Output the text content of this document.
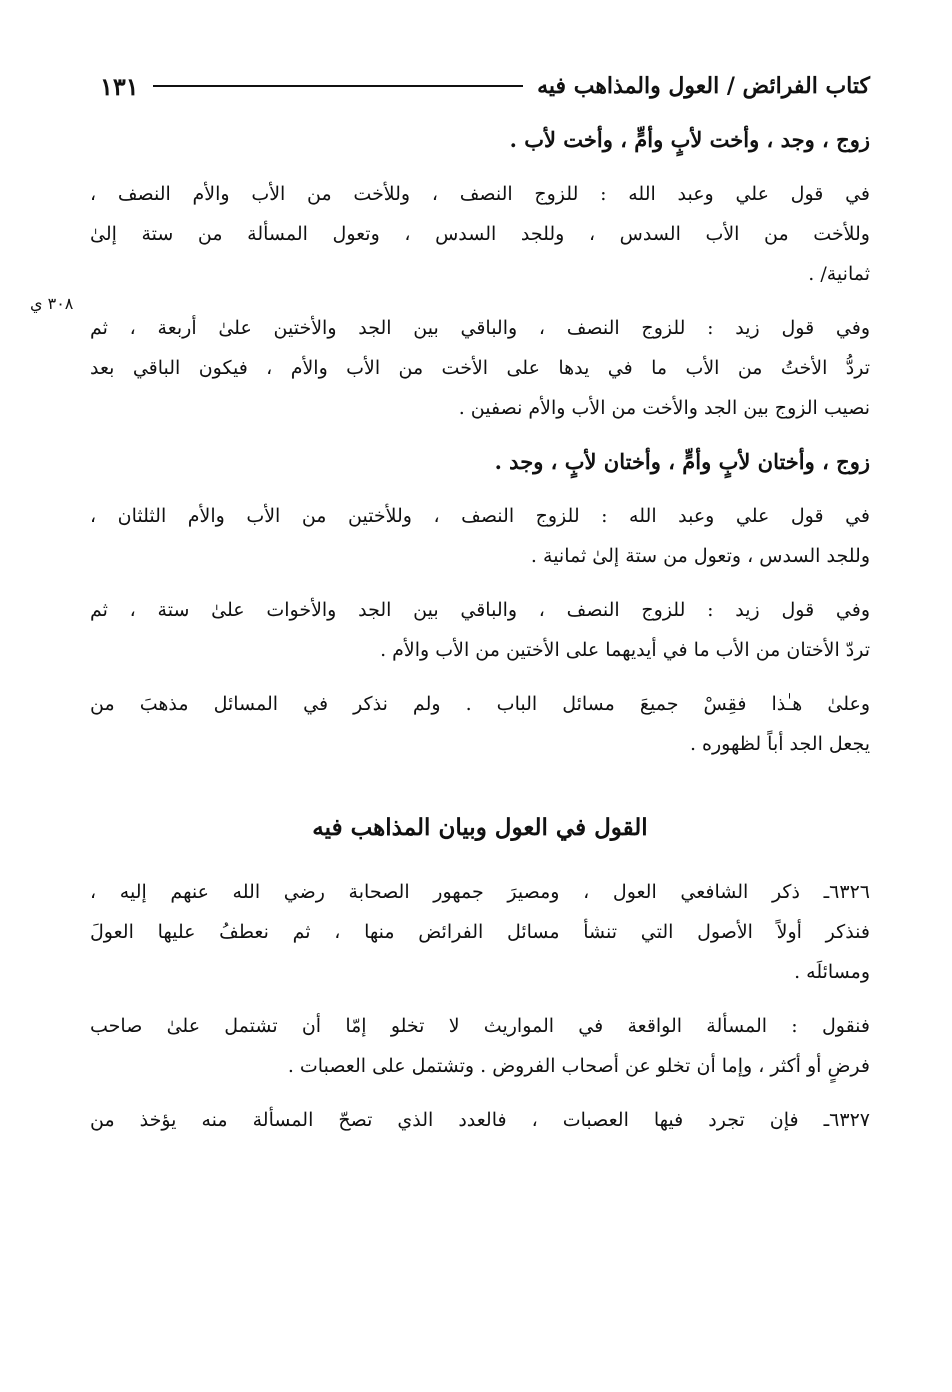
كتاب الفرائض / العول والمذاهب فيه
١٣١
٣٠٨ ي
زوج ، وجد ، وأخت لأبٍ وأمٍّ ، وأخت لأب .
في قول علي وعبد الله : للزوج النصف ، وللأخت من الأب والأم النصف ،
وللأخت من الأب السدس ، وللجد السدس ، وتعول المسألة من ستة إلىٰ
ثمانية/ .
وفي قول زيد : للزوج النصف ، والباقي بين الجد والأختين علىٰ أربعة ، ثم
تردُّ الأختُ من الأب ما في يدها على الأخت من الأب والأم ، فيكون الباقي بعد
نصيب الزوج بين الجد والأخت من الأب والأم نصفين .
زوج ، وأختان لأبٍ وأمٍّ ، وأختان لأبٍ ، وجد .
في قول علي وعبد الله : للزوج النصف ، وللأختين من الأب والأم الثلثان ،
وللجد السدس ، وتعول من ستة إلىٰ ثمانية .
وفي قول زيد : للزوج النصف ، والباقي بين الجد والأخوات علىٰ ستة ، ثم
تردّ الأختان من الأب ما في أيديهما على الأختين من الأب والأم .
وعلىٰ هـٰذا فقِسْ جميعَ مسائل الباب . ولم نذكر في المسائل مذهبَ من
يجعل الجد أباً لظهوره .
القول في العول وبيان المذاهب فيه
٦٣٢٦ـ ذكر الشافعي العول ، ومصيرَ جمهور الصحابة رضي الله عنهم إليه ،
فنذكر أولاً الأصول التي تنشأ مسائل الفرائض منها ، ثم نعطفُ عليها العولَ
ومسائلَه .
فنقول : المسألة الواقعة في المواريث لا تخلو إمّا أن تشتمل علىٰ صاحب
فرضٍ أو أكثر ، وإما أن تخلو عن أصحاب الفروض . وتشتمل على العصبات .
٦٣٢٧ـ فإن تجرد فيها العصبات ، فالعدد الذي تصحّ المسألة منه يؤخذ من
